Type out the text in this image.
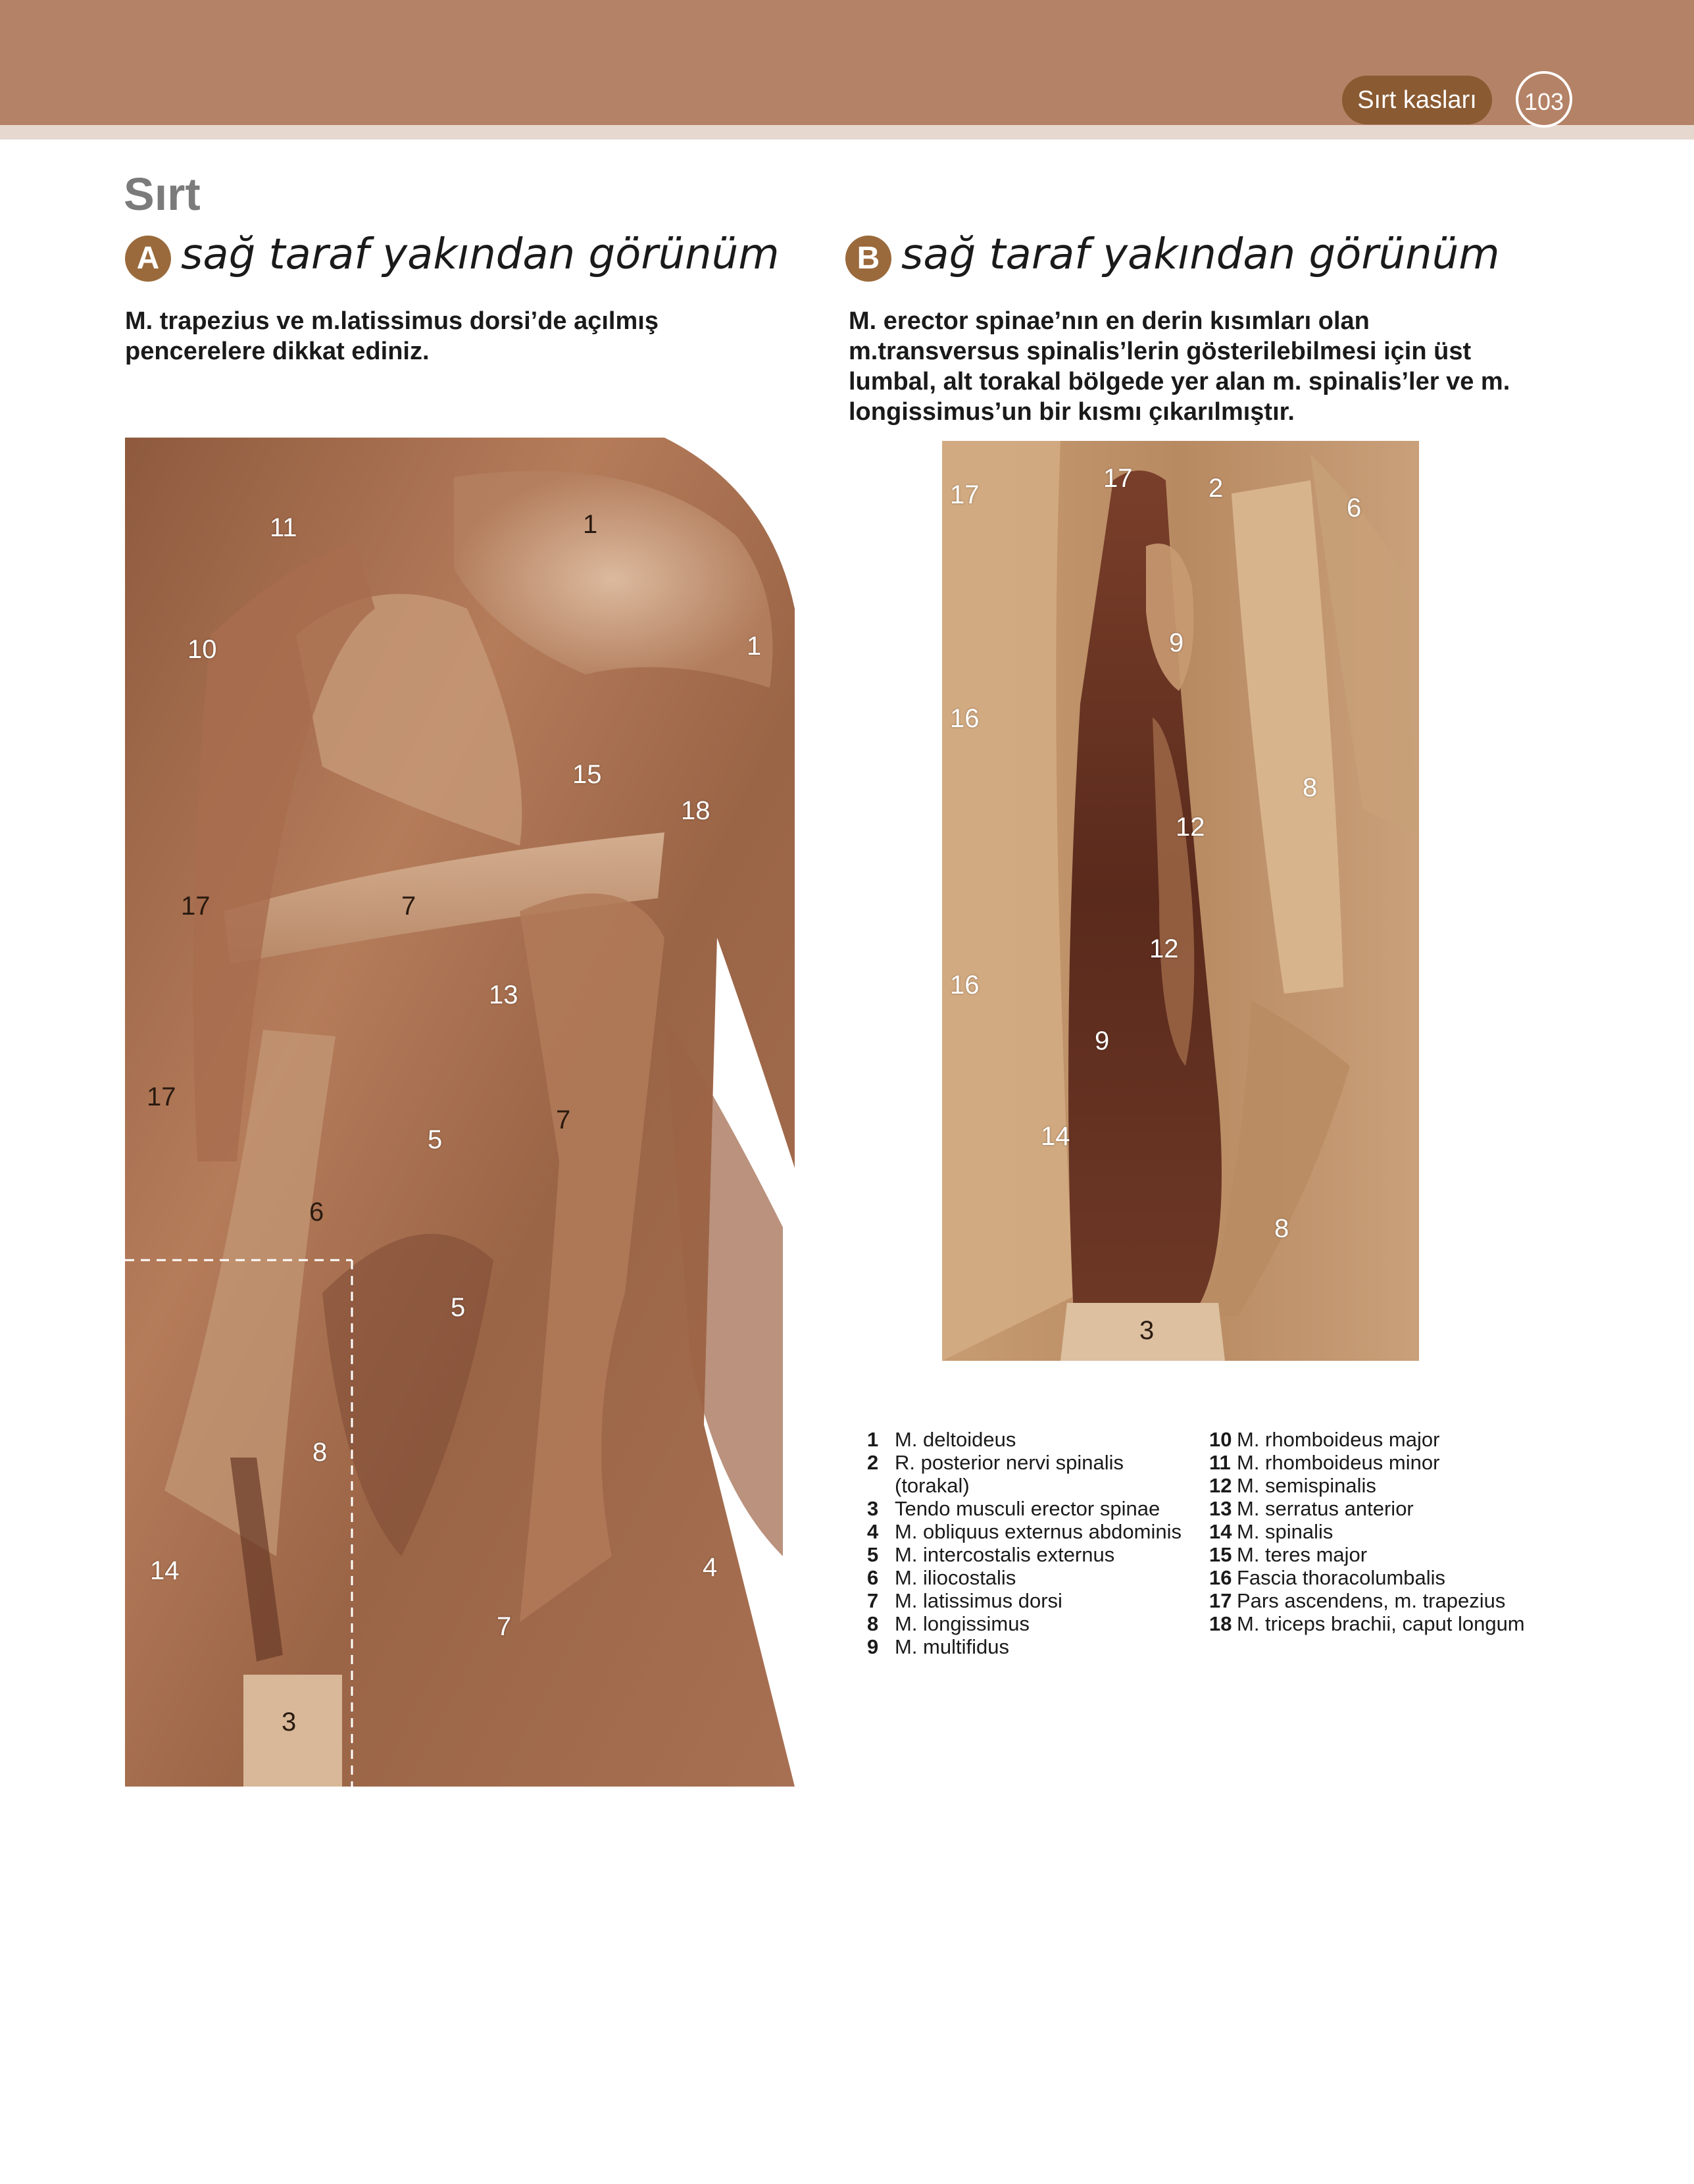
Sırt kasları	103
Sırt
A sağ taraf yakından görünüm
M. trapezius ve m.latissimus dorsi’de açılmış pencerelere dikkat ediniz.
B sağ taraf yakından görünüm
M. erector spinae’nın en derin kısımları olan m.transversus spinalis’lerin gösterilebilmesi için üst lumbal, alt torakal bölgede yer alan m. spinalis’ler ve m. longissimus’un bir kısmı çıkarılmıştır.
11	1
10	1
15
18
17	7
13
17
5
7
6
5
8
14	4
7
3
17
17	2
6
9
16
8
12
12
16
9
14
8
3
1 M. deltoideus
2 R. posterior nervi spinalis (torakal)
3 Tendo musculi erector spinae
4 M. obliquus externus abdominis
5 M. intercostalis externus
6 M. iliocostalis
7 M. latissimus dorsi
8 M. longissimus
9 M. multifidus
10 M. rhomboideus major
11 M. rhomboideus minor
12 M. semispinalis
13 M. serratus anterior
14 M. spinalis
15 M. teres major
16 Fascia thoracolumbalis
17 Pars ascendens, m. trapezius
18 M. triceps brachii, caput longum
